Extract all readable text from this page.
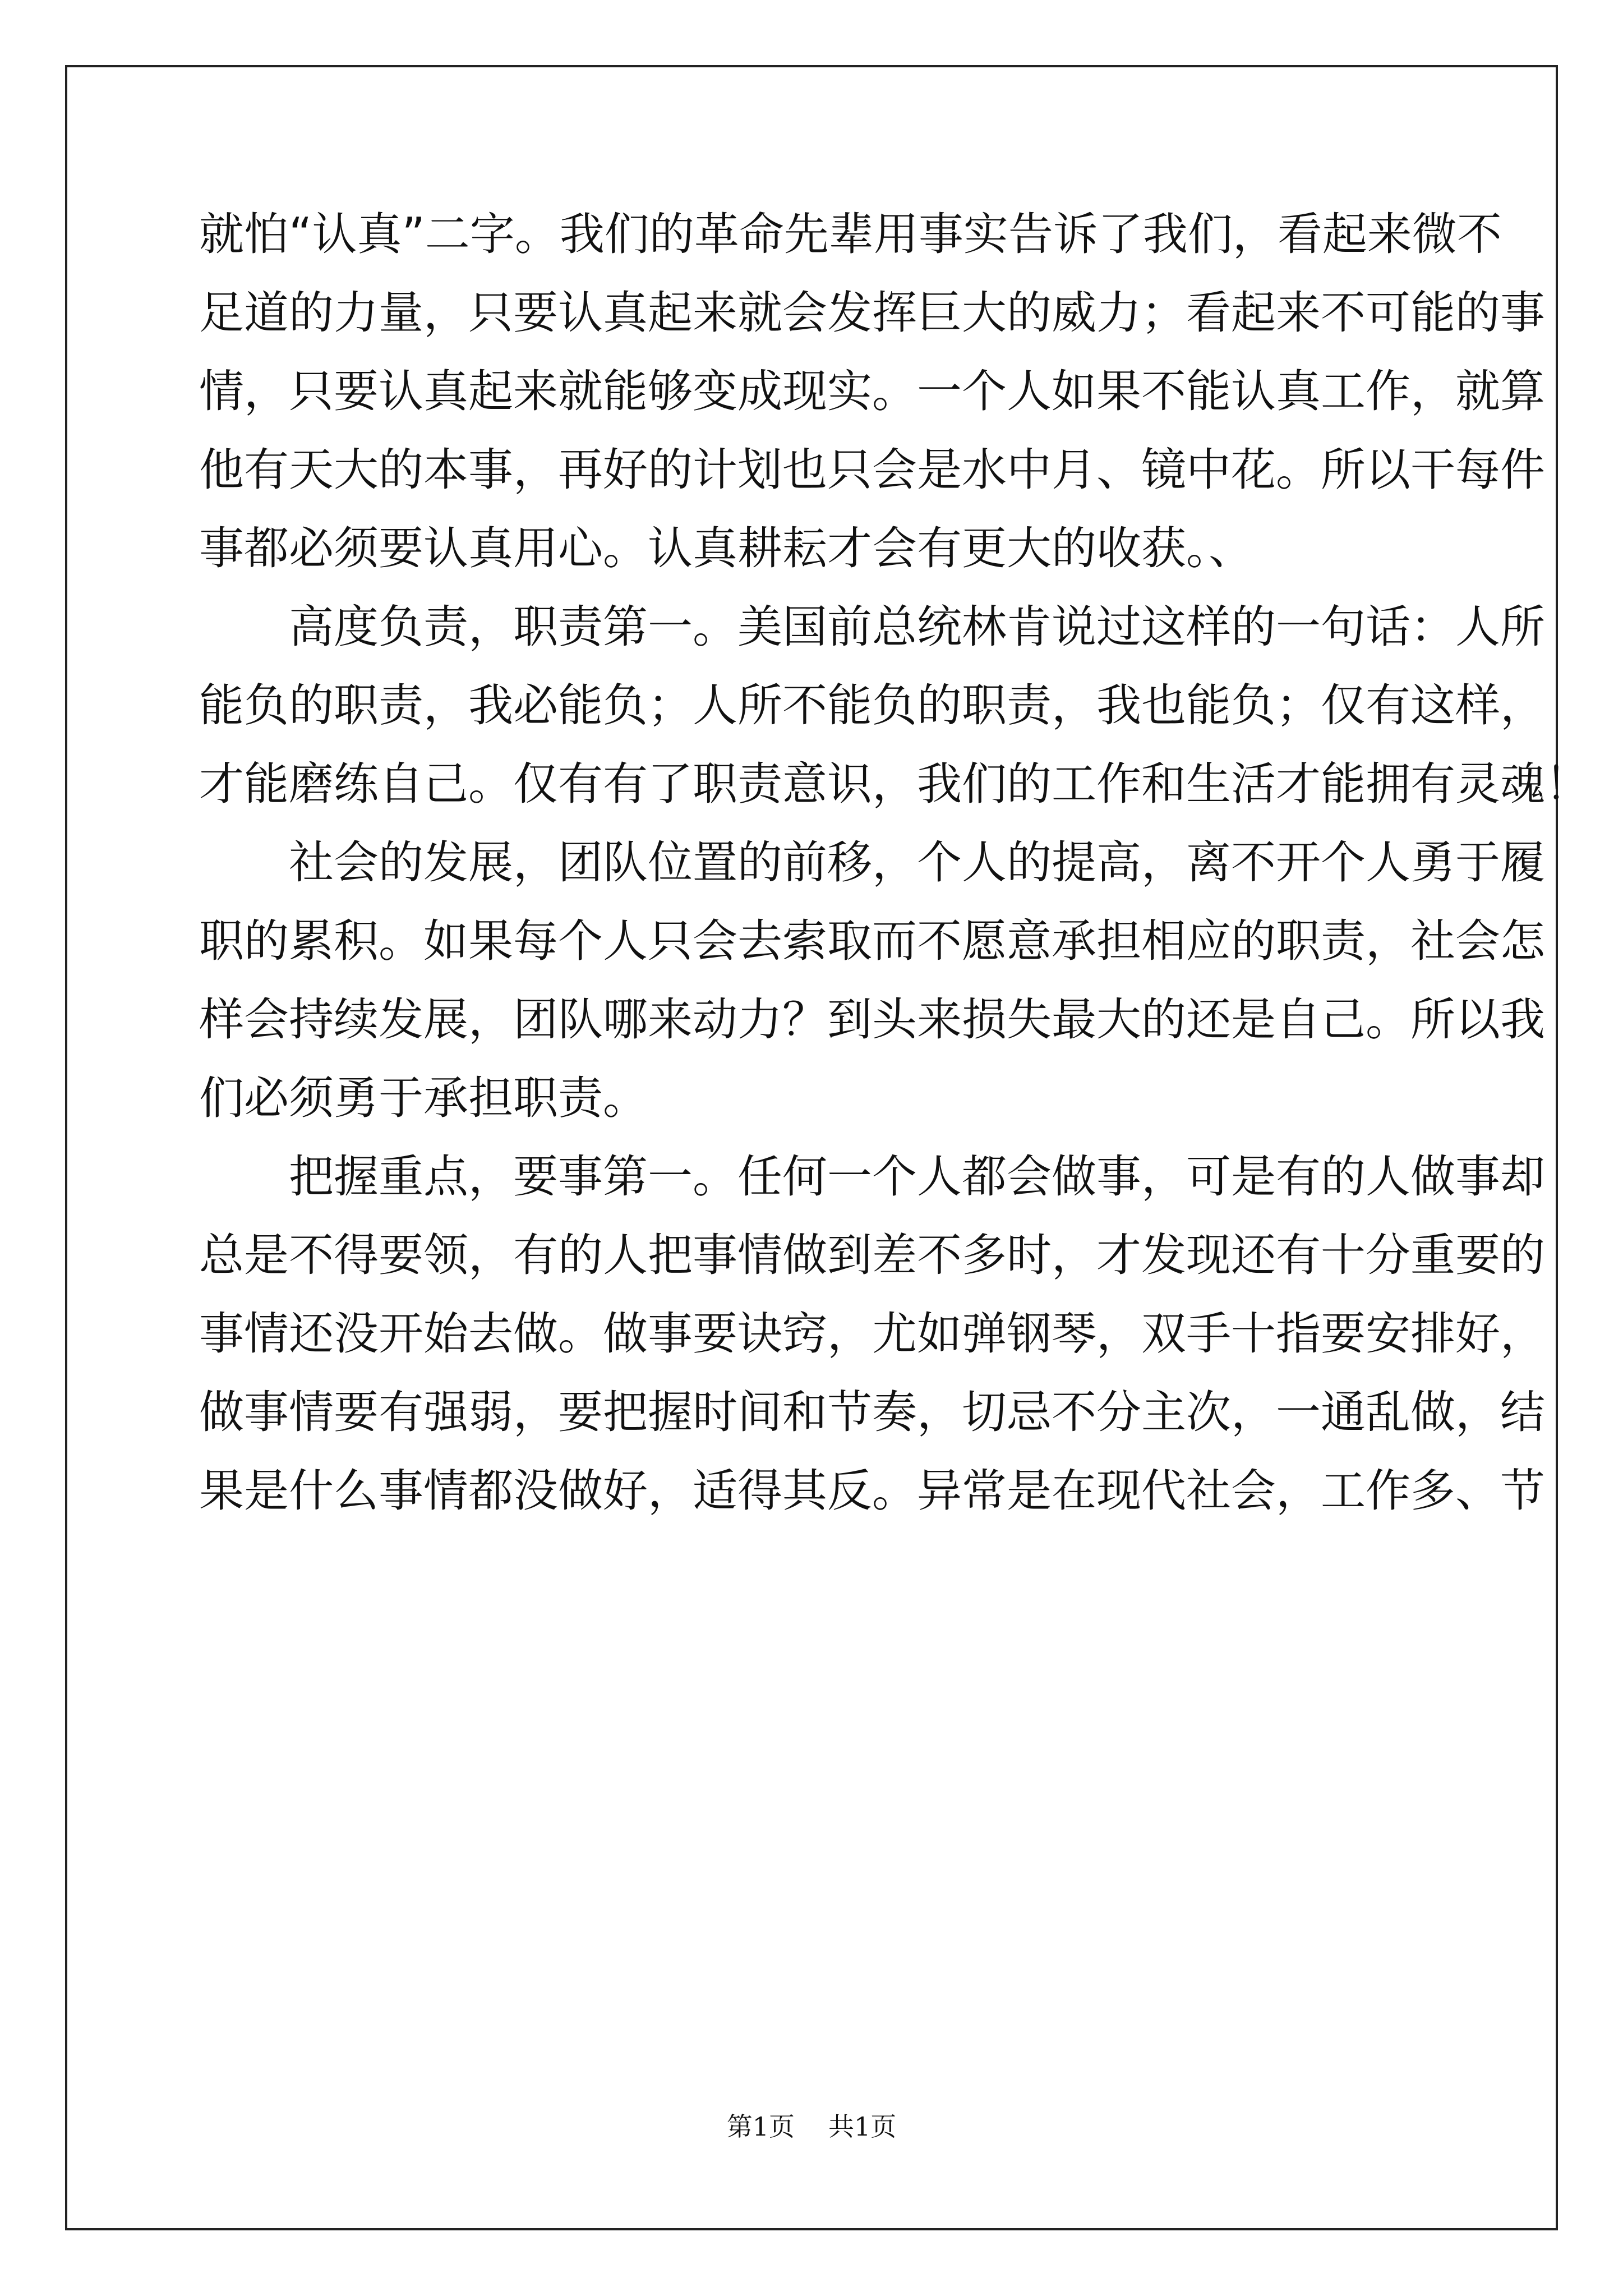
就怕“认真”二字。我们的革命先辈用事实告诉了我们，看起来微不
足道的力量，只要认真起来就会发挥巨大的威力；看起来不可能的事
情，只要认真起来就能够变成现实。一个人如果不能认真工作，就算
他有天大的本事，再好的计划也只会是水中月、镜中花。所以干每件
事都必须要认真用心。认真耕耘才会有更大的收获。、
高度负责，职责第一。美国前总统林肯说过这样的一句话：人所
能负的职责，我必能负；人所不能负的职责，我也能负；仅有这样，
才能磨练自己。仅有有了职责意识，我们的工作和生活才能拥有灵魂！
社会的发展，团队位置的前移，个人的提高，离不开个人勇于履
职的累积。如果每个人只会去索取而不愿意承担相应的职责，社会怎
样会持续发展，团队哪来动力？到头来损失最大的还是自己。所以我
们必须勇于承担职责。
把握重点，要事第一。任何一个人都会做事，可是有的人做事却
总是不得要领，有的人把事情做到差不多时，才发现还有十分重要的
事情还没开始去做。做事要诀窍，尤如弹钢琴，双手十指要安排好，
做事情要有强弱，要把握时间和节奏，切忌不分主次，一通乱做，结
果是什么事情都没做好，适得其反。异常是在现代社会，工作多、节
第1页 共1页
